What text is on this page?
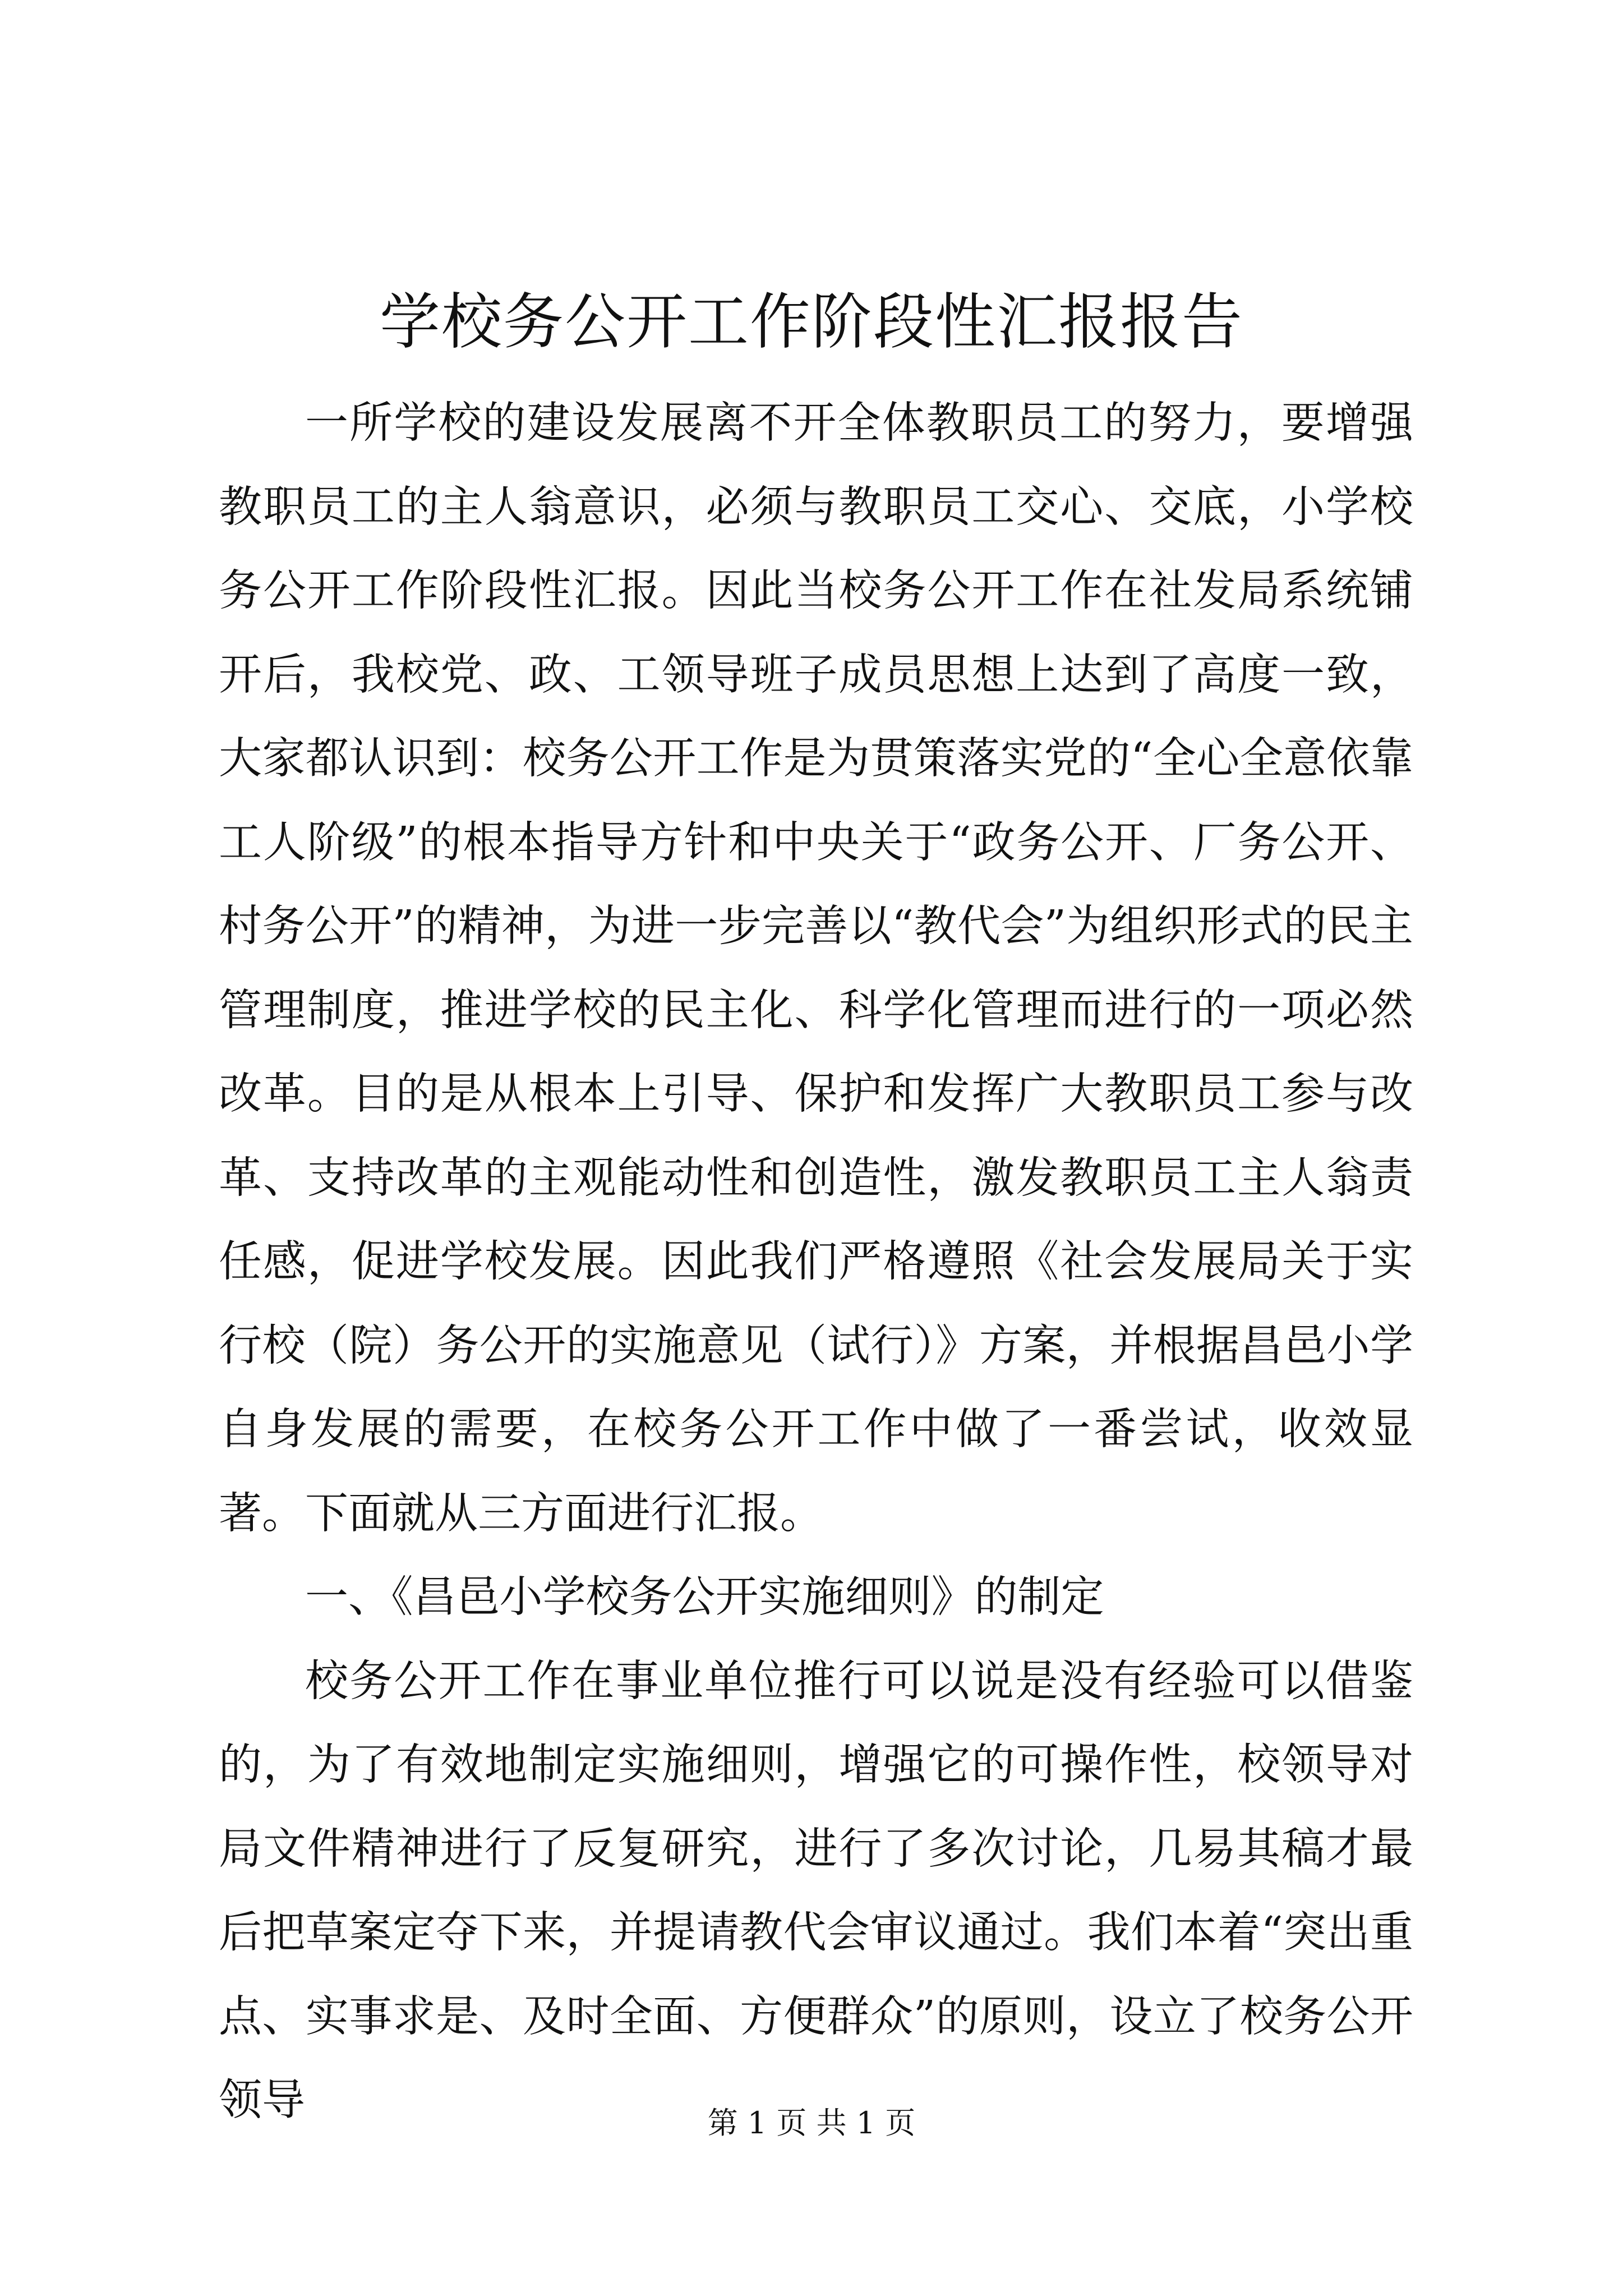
学校务公开工作阶段性汇报报告

一所学校的建设发展离不开全体教职员工的努力，要增强教职员工的主人翁意识，必须与教职员工交心、交底，小学校务公开工作阶段性汇报。因此当校务公开工作在社发局系统铺开后，我校党、政、工领导班子成员思想上达到了高度一致，大家都认识到：校务公开工作是为贯策落实党的“全心全意依靠工人阶级”的根本指导方针和中央关于“政务公开、厂务公开、村务公开”的精神，为进一步完善以“教代会”为组织形式的民主管理制度，推进学校的民主化、科学化管理而进行的一项必然改革。目的是从根本上引导、保护和发挥广大教职员工参与改革、支持改革的主观能动性和创造性，激发教职员工主人翁责任感，促进学校发展。因此我们严格遵照《社会发展局关于实行校（院）务公开的实施意见（试行）》方案，并根据昌邑小学自身发展的需要，在校务公开工作中做了一番尝试，收效显著。下面就从三方面进行汇报。

一、《昌邑小学校务公开实施细则》的制定

校务公开工作在事业单位推行可以说是没有经验可以借鉴的，为了有效地制定实施细则，增强它的可操作性，校领导对局文件精神进行了反复研究，进行了多次讨论，几易其稿才最后把草案定夺下来，并提请教代会审议通过。我们本着“突出重点、实事求是、及时全面、方便群众”的原则，设立了校务公开领导	第 1 页 共 1 页
